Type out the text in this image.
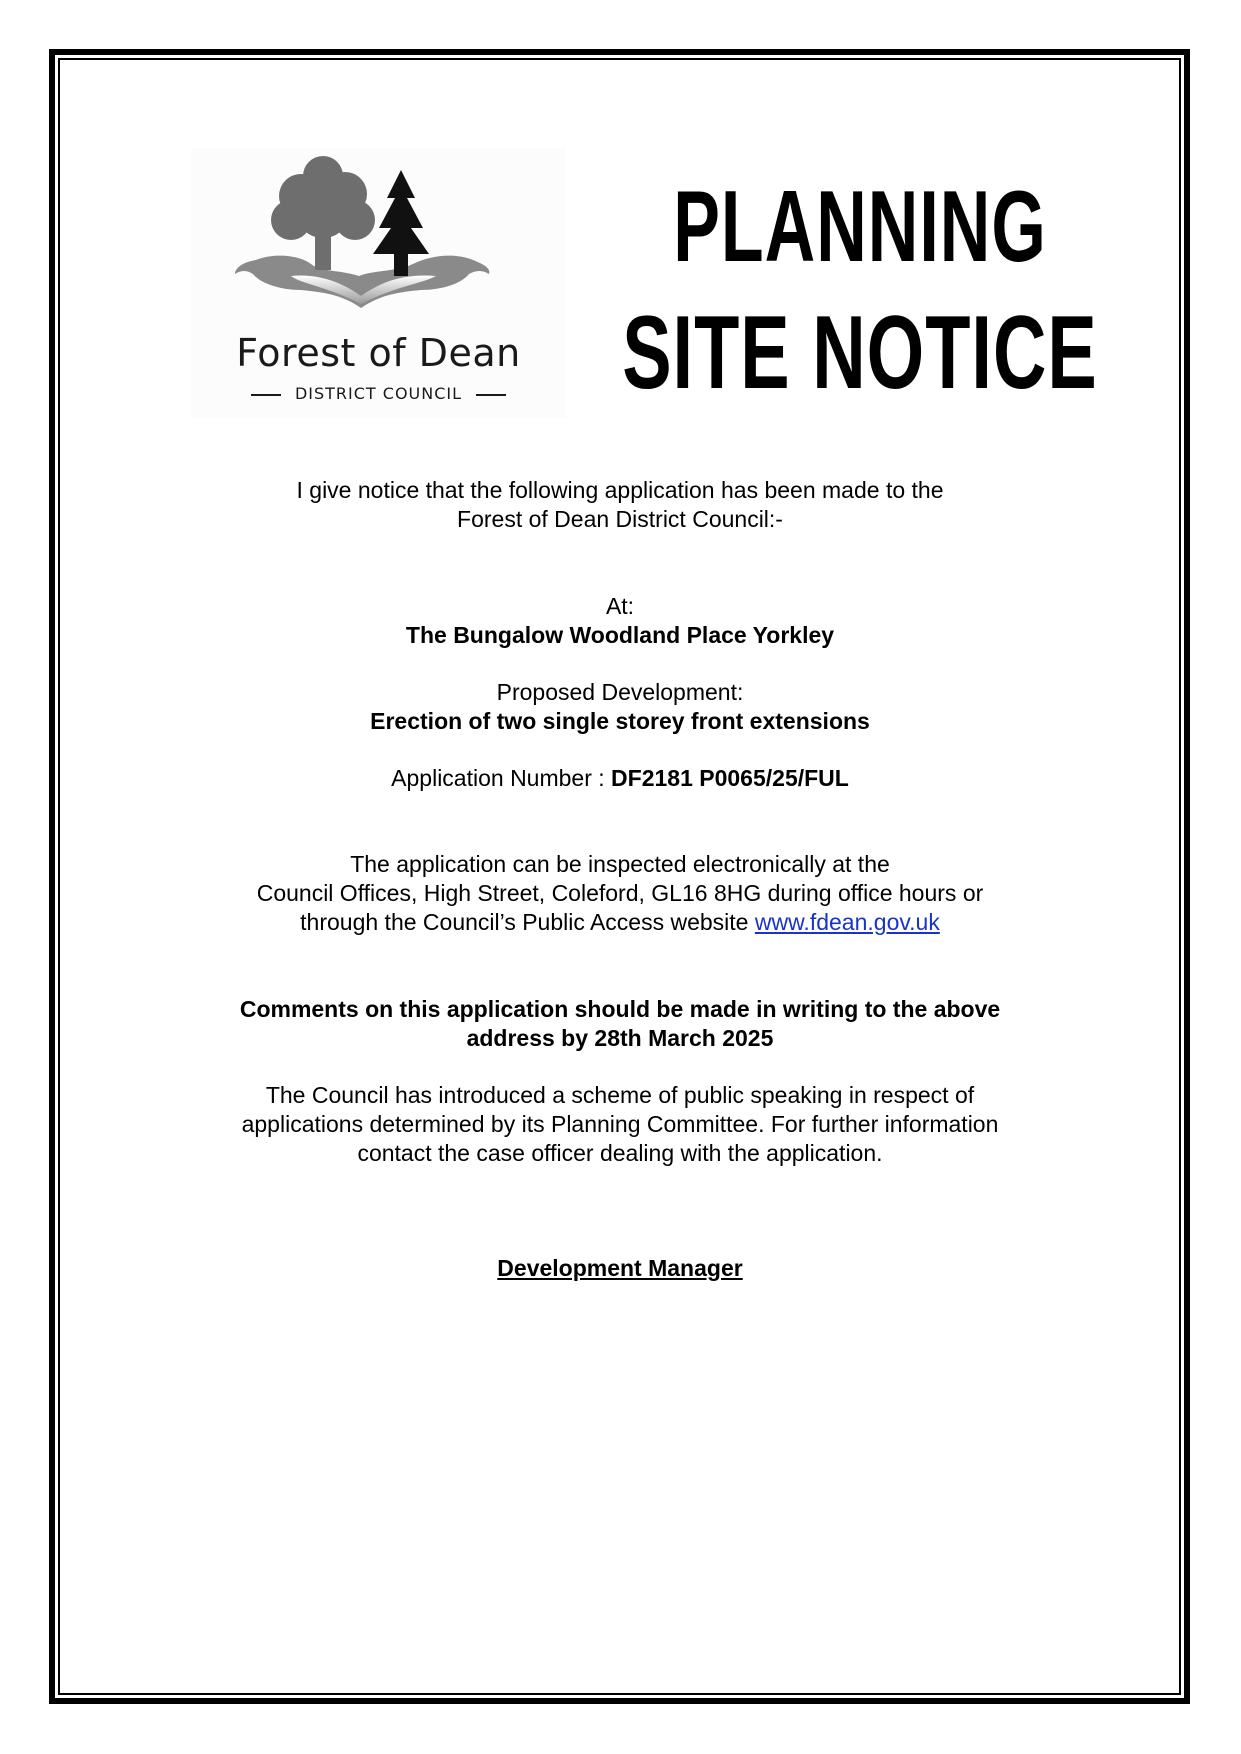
Forest of Dean
DISTRICT COUNCIL
PLANNING
SITE NOTICE
I give notice that the following application has been made to the
Forest of Dean District Council:-
At:
The Bungalow Woodland Place Yorkley
Proposed Development:
Erection of two single storey front extensions
Application Number : DF2181 P0065/25/FUL
The application can be inspected electronically at the
Council Offices, High Street, Coleford, GL16 8HG during office hours or
through the Council’s Public Access website www.fdean.gov.uk
Comments on this application should be made in writing to the above
address by 28th March 2025
The Council has introduced a scheme of public speaking in respect of
applications determined by its Planning Committee. For further information
contact the case officer dealing with the application.
Development Manager
